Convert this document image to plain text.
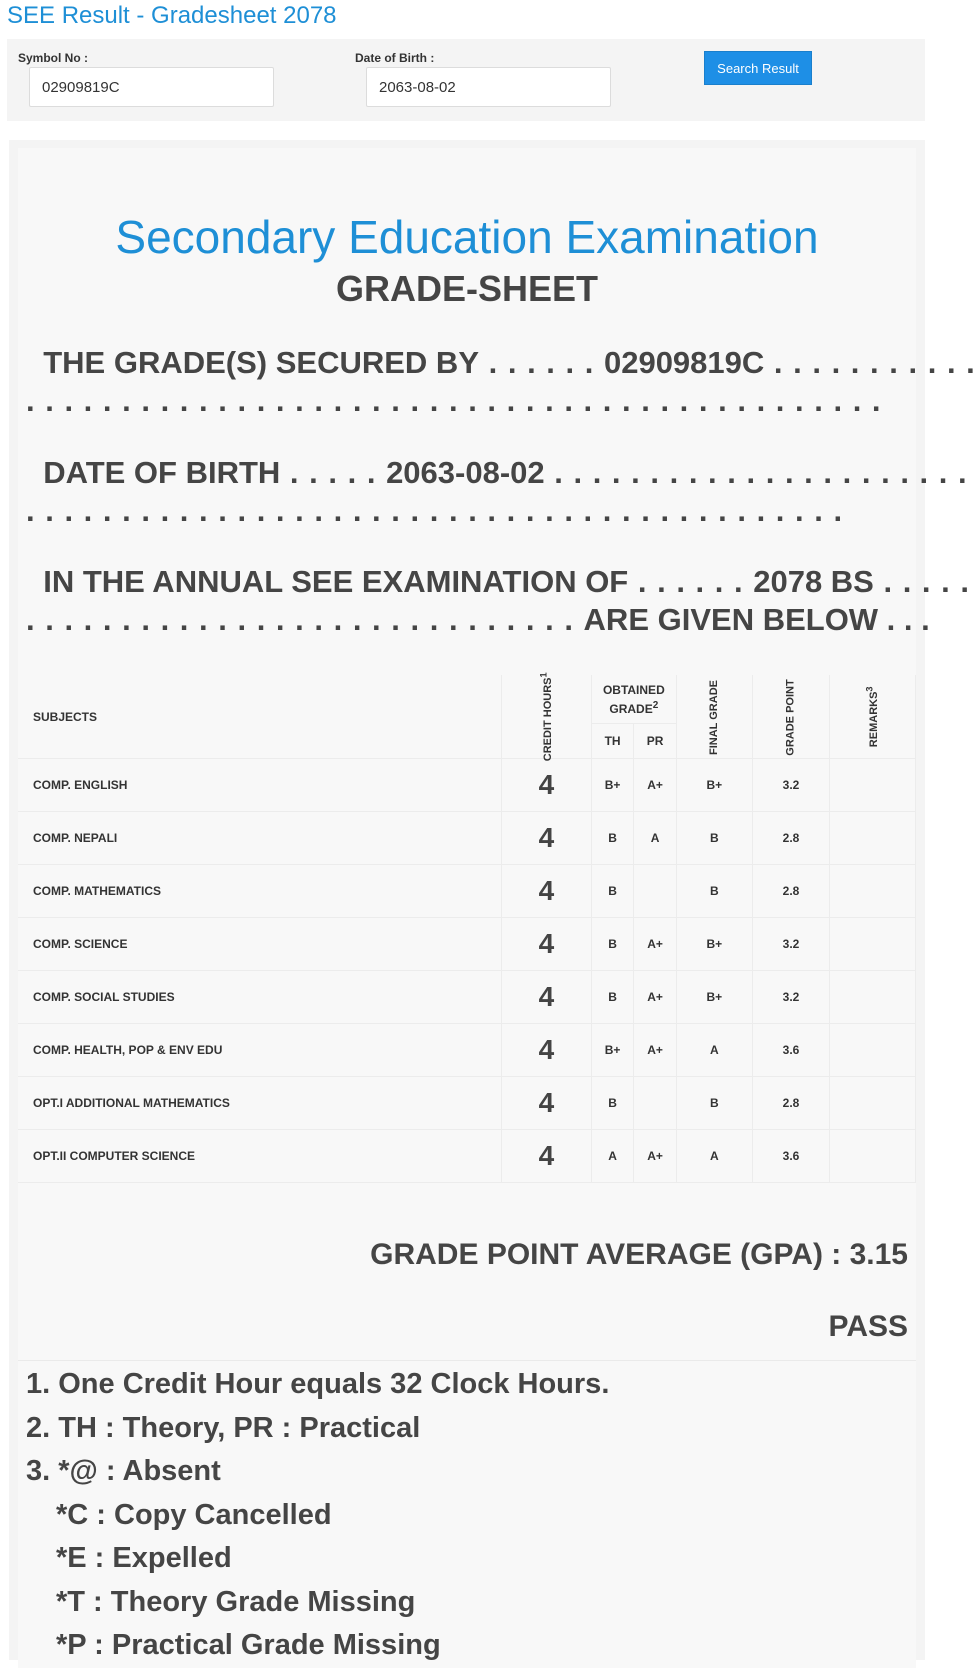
SEE Result - Gradesheet 2078
Symbol No :
02909819C	Date of Birth :
2063-08-02
Search Result
Secondary Education Examination
GRADE-SHEET
THE GRADE(S) SECURED BY . . . . . . 02909819C . . . . . . . . . . .
. . . . . . . . . . . . . . . . . . . . . . . . . . . . . . . . . . . . . . . . . . . . .
DATE OF BIRTH . . . . . 2063-08-02 . . . . . . . . . . . . . . . . . . . . . .
. . . . . . . . . . . . . . . . . . . . . . . . . . . . . . . . . . . . . . . . . . .
IN THE ANNUAL SEE EXAMINATION OF . . . . . . 2078 BS . . . . .
. . . . . . . . . . . . . . . . . . . . . . . . . . . . . ARE GIVEN BELOW . . .
SUBJECTS	CREDIT HOURS$^1$	OBTAINED GRADE$^2$		FINAL GRADE	GRADE POINT	REMARKS$^3$
		TH	PR			
COMP. ENGLISH	4	B+	A+	B+	3.2	
COMP. NEPALI	4	B	A	B	2.8	
COMP. MATHEMATICS	4	B		B	2.8	
COMP. SCIENCE	4	B	A+	B+	3.2	
COMP. SOCIAL STUDIES	4	B	A+	B+	3.2	
COMP. HEALTH, POP & ENV EDU	4	B+	A+	A	3.6	
OPT.I ADDITIONAL MATHEMATICS	4	B		B	2.8	
OPT.II COMPUTER SCIENCE	4	A	A+	A	3.6	
GRADE POINT AVERAGE (GPA) : 3.15
PASS
1. One Credit Hour equals 32 Clock Hours.
2. TH : Theory, PR : Practical
3. *@ : Absent
*C : Copy Cancelled
*E : Expelled
*T : Theory Grade Missing
*P : Practical Grade Missing
